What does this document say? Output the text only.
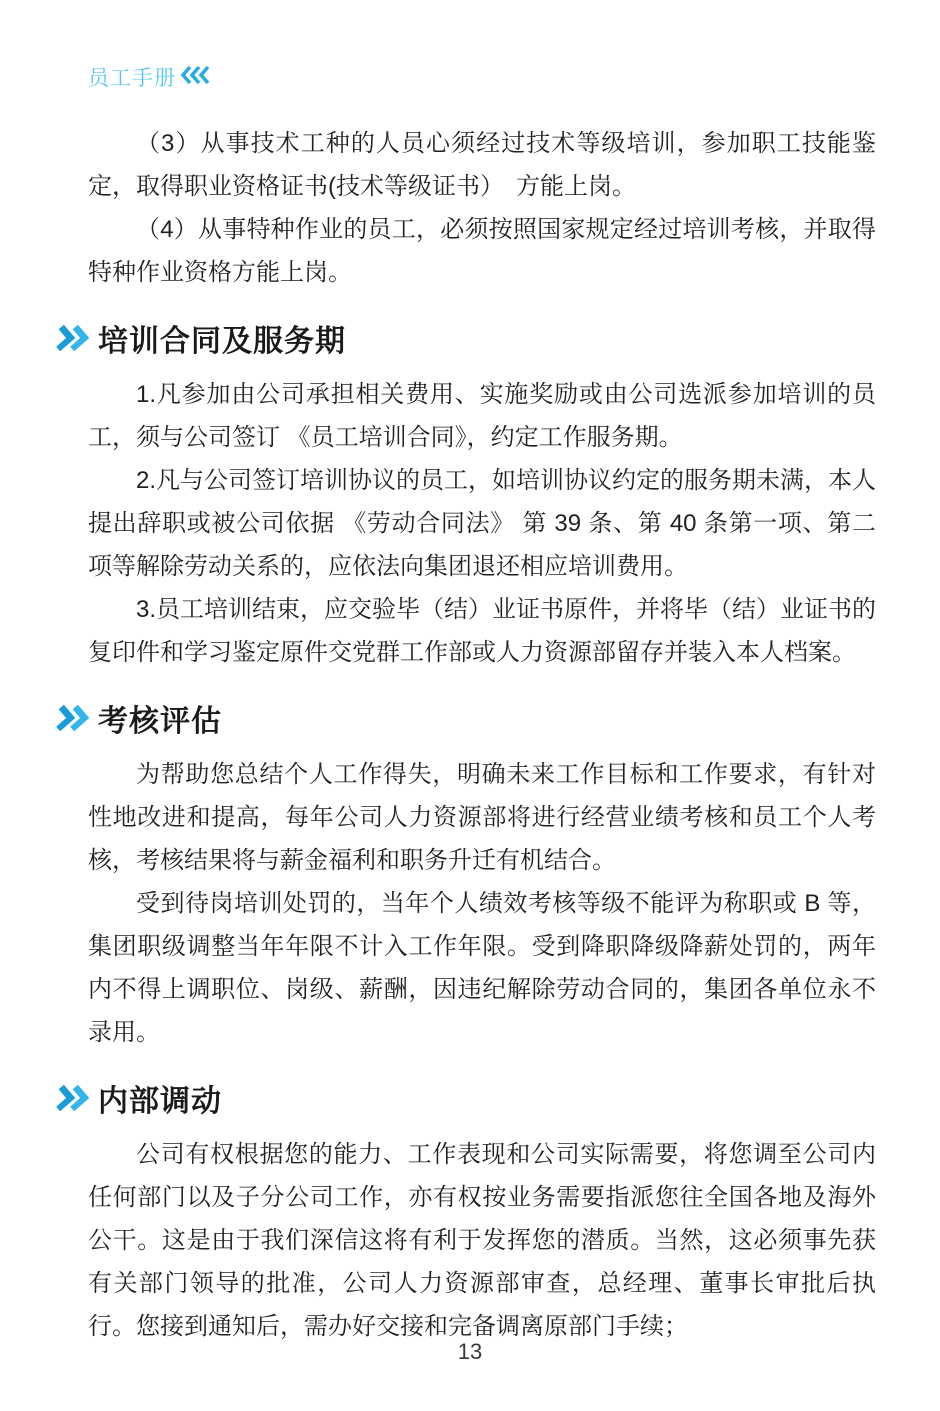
员工手册

（3）从事技术工种的人员心须经过技术等级培训，参加职工技能鉴定，取得职业资格证书(技术等级证书）　方能上岗。

（4）从事特种作业的员工，必须按照国家规定经过培训考核，并取得特种作业资格方能上岗。

培训合同及服务期

1.凡参加由公司承担相关费用、实施奖励或由公司选派参加培训的员工，须与公司签订 《员工培训合同》，约定工作服务期。

2.凡与公司签订培训协议的员工，如培训协议约定的服务期未满，本人提出辞职或被公司依据 《劳动合同法》 第 39 条、第 40 条第一项、第二项等解除劳动关系的，应依法向集团退还相应培训费用。

3.员工培训结束，应交验毕（结）业证书原件，并将毕（结）业证书的复印件和学习鉴定原件交党群工作部或人力资源部留存并装入本人档案。

考核评估

为帮助您总结个人工作得失，明确未来工作目标和工作要求，有针对性地改进和提高，每年公司人力资源部将进行经营业绩考核和员工个人考核，考核结果将与薪金福利和职务升迁有机结合。

受到待岗培训处罚的，当年个人绩效考核等级不能评为称职或 B 等，集团职级调整当年年限不计入工作年限。受到降职降级降薪处罚的，两年内不得上调职位、岗级、薪酬，因违纪解除劳动合同的，集团各单位永不录用。

内部调动

公司有权根据您的能力、工作表现和公司实际需要，将您调至公司内任何部门以及子分公司工作，亦有权按业务需要指派您往全国各地及海外公干。这是由于我们深信这将有利于发挥您的潜质。当然，这必须事先获有关部门领导的批准，公司人力资源部审查，总经理、董事长审批后执行。您接到通知后，需办好交接和完备调离原部门手续；

13
